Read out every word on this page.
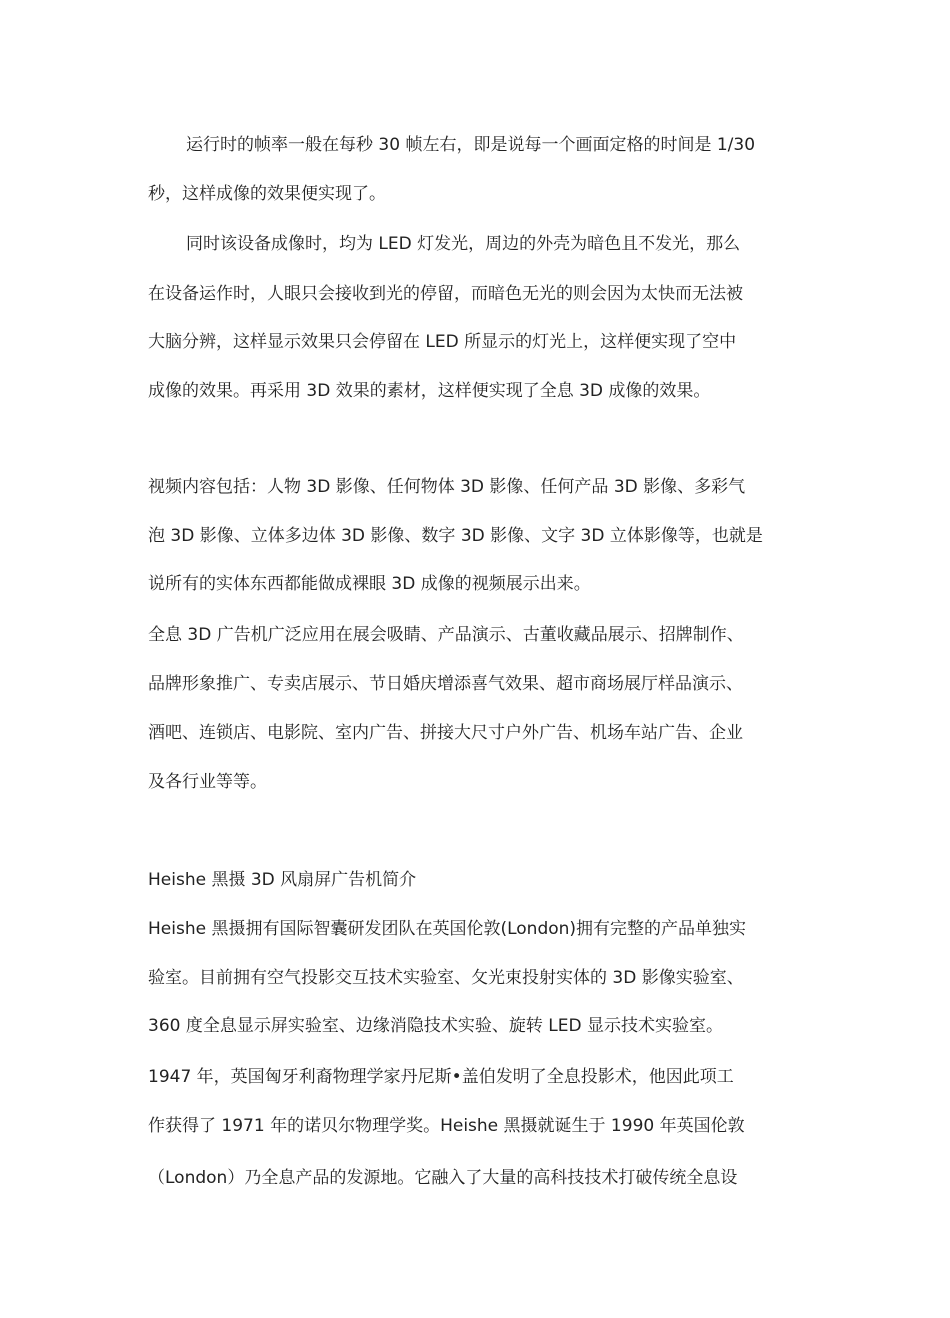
运行时的帧率一般在每秒 30 帧左右，即是说每一个画面定格的时间是 1/30
秒，这样成像的效果便实现了。
同时该设备成像时，均为 LED 灯发光，周边的外壳为暗色且不发光，那么
在设备运作时，人眼只会接收到光的停留，而暗色无光的则会因为太快而无法被
大脑分辨，这样显示效果只会停留在 LED 所显示的灯光上，这样便实现了空中
成像的效果。再采用 3D 效果的素材，这样便实现了全息 3D 成像的效果。
视频内容包括：人物 3D 影像、任何物体 3D 影像、任何产品 3D 影像、多彩气
泡 3D 影像、立体多边体 3D 影像、数字 3D 影像、文字 3D 立体影像等，也就是
说所有的实体东西都能做成裸眼 3D 成像的视频展示出来。
全息 3D 广告机广泛应用在展会吸睛、产品演示、古董收藏品展示、招牌制作、
品牌形象推广、专卖店展示、节日婚庆增添喜气效果、超市商场展厅样品演示、
酒吧、连锁店、电影院、室内广告、拼接大尺寸户外广告、机场车站广告、企业
及各行业等等。
Heishe 黑摄 3D 风扇屏广告机简介
Heishe 黑摄拥有国际智囊研发团队在英国伦敦(London)拥有完整的产品单独实
验室。目前拥有空气投影交互技术实验室、攵光束投射实体的 3D 影像实验室、
360 度全息显示屏实验室、边缘消隐技术实验、旋转 LED 显示技术实验室。
1947 年，英国匈牙利裔物理学家丹尼斯•盖伯发明了全息投影术，他因此项工
作获得了 1971 年的诺贝尔物理学奖。Heishe 黑摄就诞生于 1990 年英国伦敦
（London）乃全息产品的发源地。它融入了大量的高科技技术打破传统全息设
